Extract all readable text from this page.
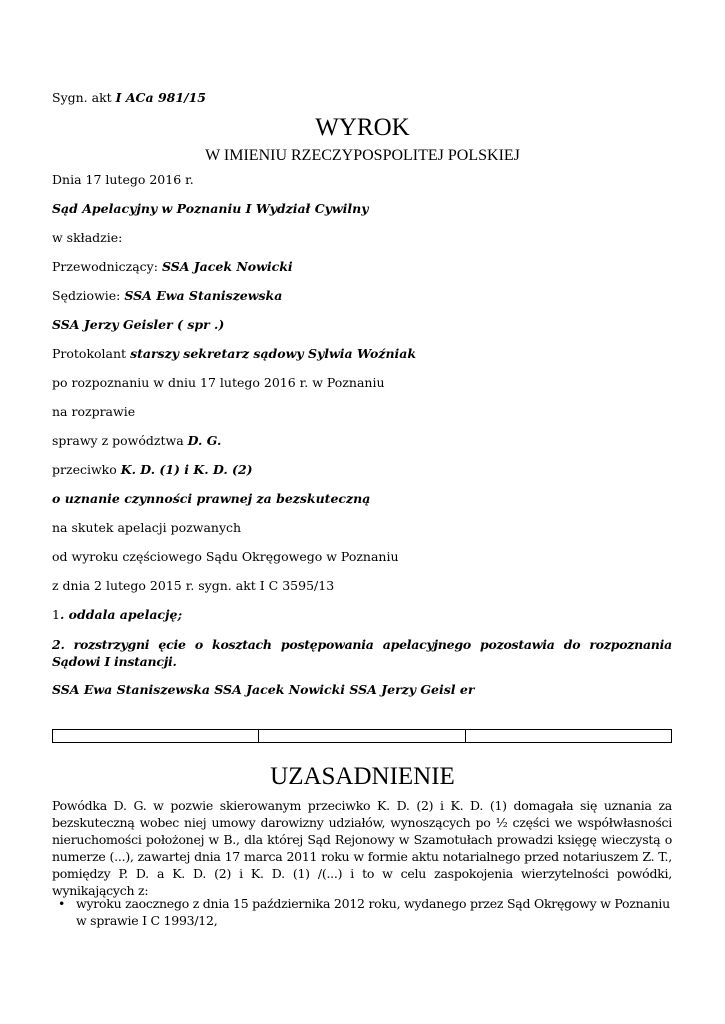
Sygn. akt I ACa 981/15
WYROK
W IMIENIU RZECZYPOSPOLITEJ POLSKIEJ
Dnia 17 lutego 2016 r.
Sąd Apelacyjny w Poznaniu I Wydział Cywilny
w składzie:
Przewodniczący: SSA Jacek Nowicki
Sędziowie: SSA Ewa Staniszewska
SSA Jerzy Geisler ( spr .)
Protokolant starszy sekretarz sądowy Sylwia Woźniak
po rozpoznaniu w dniu 17 lutego 2016 r. w Poznaniu
na rozprawie
sprawy z powództwa D. G.
przeciwko K. D. (1) i K. D. (2)
o uznanie czynności prawnej za bezskuteczną
na skutek apelacji pozwanych
od wyroku częściowego Sądu Okręgowego w Poznaniu
z dnia 2 lutego 2015 r. sygn. akt I C 3595/13
1. oddala apelację;
2. rozstrzygni ęcie o kosztach postępowania apelacyjnego pozostawia do rozpoznania Sądowi I instancji.
SSA Ewa Staniszewska SSA Jacek Nowicki SSA Jerzy Geisl er

UZASADNIENIE
Powódka D. G. w pozwie skierowanym przeciwko K. D. (2) i K. D. (1) domagała się uznania za bezskuteczną wobec niej umowy darowizny udziałów, wynoszących po ½ części we współwłasności nieruchomości położonej w B., dla której Sąd Rejonowy w Szamotułach prowadzi księgę wieczystą o numerze (...), zawartej dnia 17 marca 2011 roku w formie aktu notarialnego przed notariuszem Z. T., pomiędzy P. D. a K. D. (2) i K. D. (1) /(...) i to w celu zaspokojenia wierzytelności powódki, wynikających z:
• wyroku zaocznego z dnia 15 października 2012 roku, wydanego przez Sąd Okręgowy w Poznaniu w sprawie I C 1993/12,
